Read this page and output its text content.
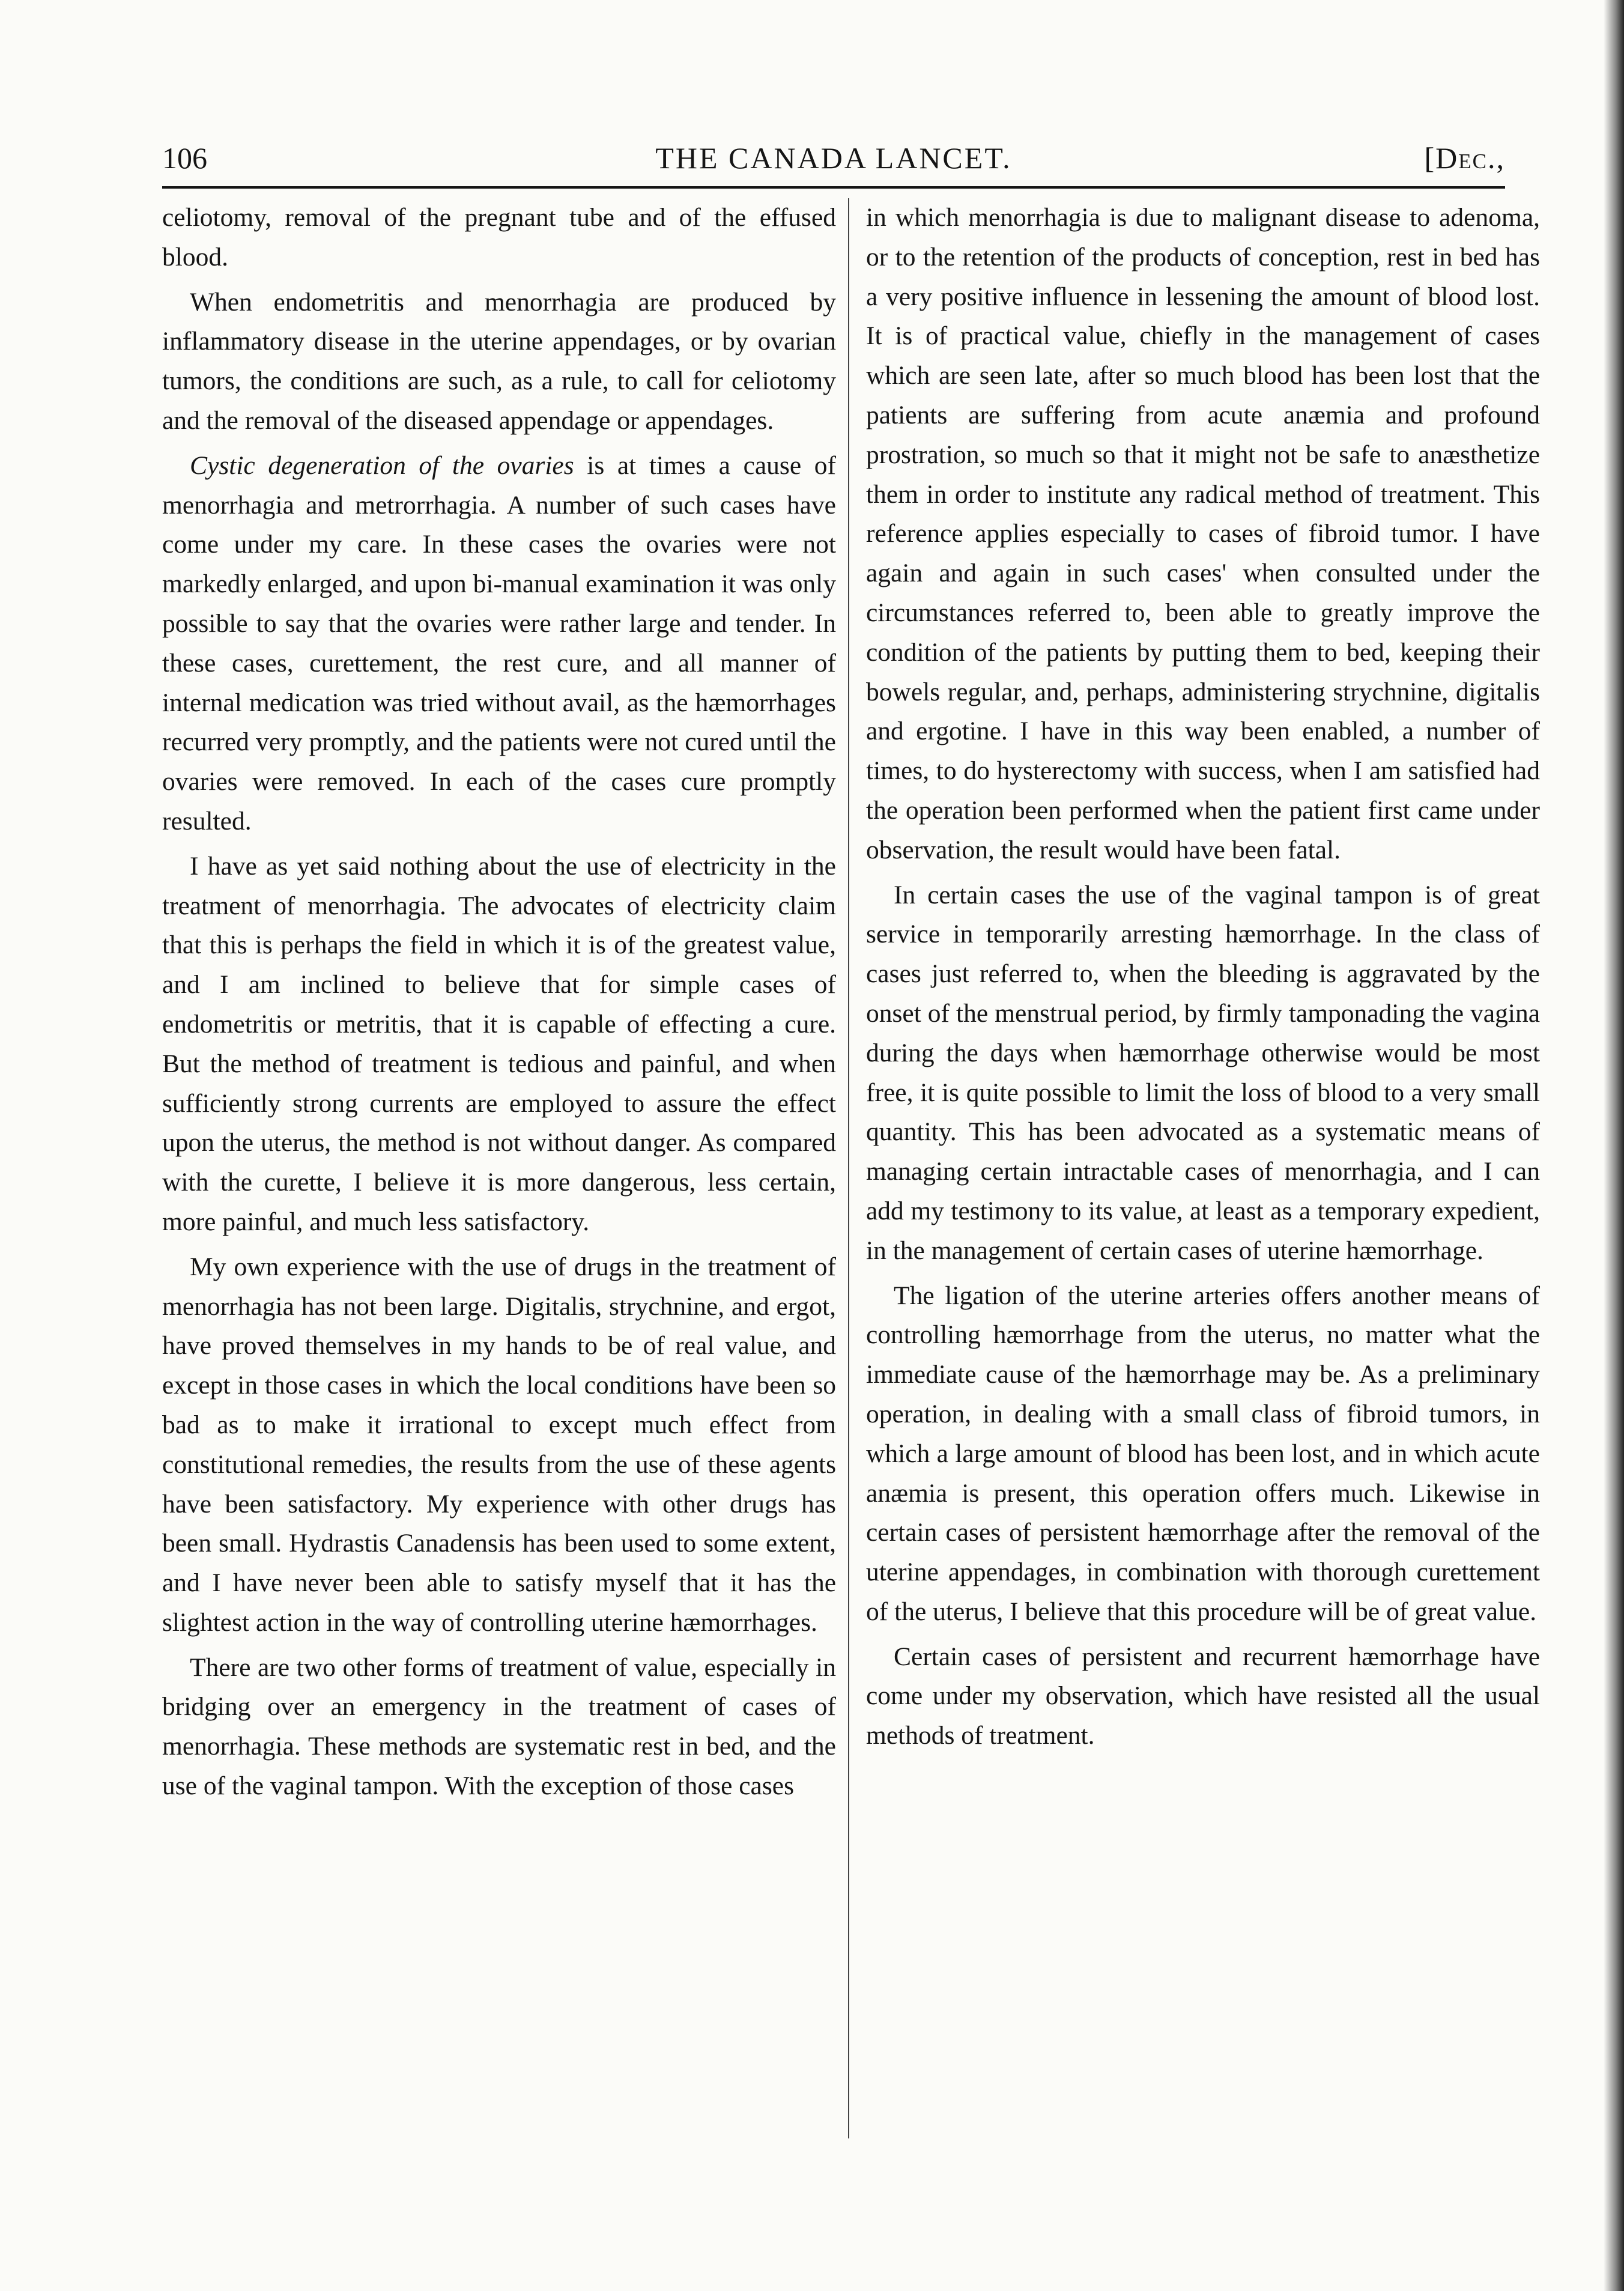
106	THE CANADA LANCET.	[Dec.,

celiotomy, removal of the pregnant tube and of the effused blood.

When endometritis and menorrhagia are produced by inflammatory disease in the uterine appendages, or by ovarian tumors, the conditions are such, as a rule, to call for celiotomy and the removal of the diseased appendage or appendages.

Cystic degeneration of the ovaries is at times a cause of menorrhagia and metrorrhagia. A number of such cases have come under my care. In these cases the ovaries were not markedly enlarged, and upon bi-manual examination it was only possible to say that the ovaries were rather large and tender. In these cases, curettement, the rest cure, and all manner of internal medication was tried without avail, as the hæmorrhages recurred very promptly, and the patients were not cured until the ovaries were removed. In each of the cases cure promptly resulted.

I have as yet said nothing about the use of electricity in the treatment of menorrhagia. The advocates of electricity claim that this is perhaps the field in which it is of the greatest value, and I am inclined to believe that for simple cases of endometritis or metritis, that it is capable of effecting a cure. But the method of treatment is tedious and painful, and when sufficiently strong currents are employed to assure the effect upon the uterus, the method is not without danger. As compared with the curette, I believe it is more dangerous, less certain, more painful, and much less satisfactory.

My own experience with the use of drugs in the treatment of menorrhagia has not been large. Digitalis, strychnine, and ergot, have proved themselves in my hands to be of real value, and except in those cases in which the local conditions have been so bad as to make it irrational to except much effect from constitutional remedies, the results from the use of these agents have been satisfactory. My experience with other drugs has been small. Hydrastis Canadensis has been used to some extent, and I have never been able to satisfy myself that it has the slightest action in the way of controlling uterine hæmorrhages.

There are two other forms of treatment of value, especially in bridging over an emergency in the treatment of cases of menorrhagia. These methods are systematic rest in bed, and the use of the vaginal tampon. With the exception of those cases

in which menorrhagia is due to malignant disease to adenoma, or to the retention of the products of conception, rest in bed has a very positive influence in lessening the amount of blood lost. It is of practical value, chiefly in the management of cases which are seen late, after so much blood has been lost that the patients are suffering from acute anæmia and profound prostration, so much so that it might not be safe to anæsthetize them in order to institute any radical method of treatment. This reference applies especially to cases of fibroid tumor. I have again and again in such cases' when consulted under the circumstances referred to, been able to greatly improve the condition of the patients by putting them to bed, keeping their bowels regular, and, perhaps, administering strychnine, digitalis and ergotine. I have in this way been enabled, a number of times, to do hysterectomy with success, when I am satisfied had the operation been performed when the patient first came under observation, the result would have been fatal.

In certain cases the use of the vaginal tampon is of great service in temporarily arresting hæmorrhage. In the class of cases just referred to, when the bleeding is aggravated by the onset of the menstrual period, by firmly tamponading the vagina during the days when hæmorrhage otherwise would be most free, it is quite possible to limit the loss of blood to a very small quantity. This has been advocated as a systematic means of managing certain intractable cases of menorrhagia, and I can add my testimony to its value, at least as a temporary expedient, in the management of certain cases of uterine hæmorrhage.

The ligation of the uterine arteries offers another means of controlling hæmorrhage from the uterus, no matter what the immediate cause of the hæmorrhage may be. As a preliminary operation, in dealing with a small class of fibroid tumors, in which a large amount of blood has been lost, and in which acute anæmia is present, this operation offers much. Likewise in certain cases of persistent hæmorrhage after the removal of the uterine appendages, in combination with thorough curettement of the uterus, I believe that this procedure will be of great value.

Certain cases of persistent and recurrent hæmorrhage have come under my observation, which have resisted all the usual methods of treatment.
